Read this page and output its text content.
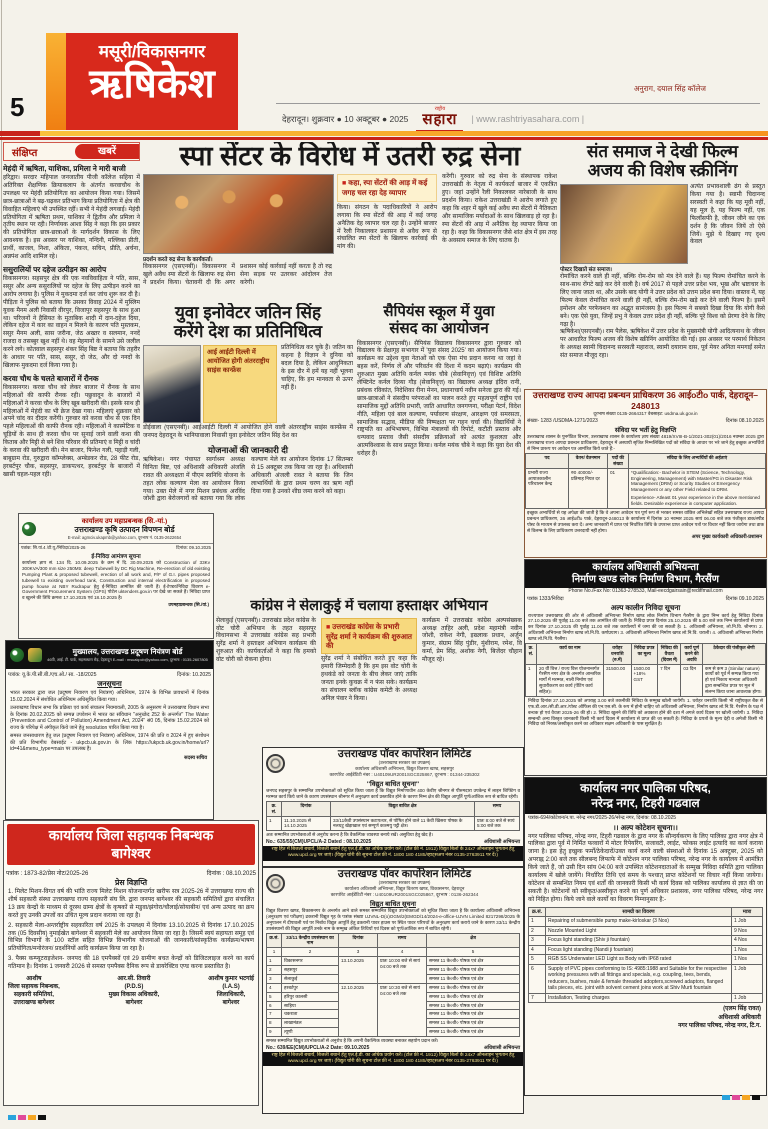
मसूरी/विकासनगर
ऋषिकेश
5
अनुराग, दयाल सिंह कॉलेज
देहरादून। शुक्रवार ● 10 अक्टूबर ● 2025
राष्ट्रीय
सहारा	| www.rashtriyasahara.com |
संक्षिप्त	खबरें
मेहंदी में ऋषिता, याशिका, प्रमिला ने मारी बाजी
हरिद्वार। सरदार महिपाल जनजातीय पीजी कॉलेज सहिया में अतिरिक्त शैक्षणिक क्रियाकलाप के अंतर्गत करवाचौथ के उपलक्ष्य पर मेहंदी प्रतियोगिता का आयोजन किया गया। जिसमें छात्र-छात्राओं ने बढ़-चढ़कर प्रतिभाग किया प्रतियोगिता में क्षेत्र की विवाहित महिलाएं भी उपस्थित रहीं। सभी ने मेहंदी लगवाई। मेहंदी प्रतियोगिता में ऋषिता प्रथम, याशिका ने द्वितीय और प्रमिला ने तृतीय स्थान पर रही। निर्णायक आशा सिंह ने कहा कि इस प्रकार की प्रतियोगिता छात्र-छात्राओं के मार्गदर्शन विकास के लिए आवश्यक है। इस अवसर पर याशिका, नन्दिनी, मल्लिका प्रीती, प्रार्थी, काजल, निशा, अंकिता, पंकज, सचिन, प्रीति, अर्चना, अन्नपंश आदि शामिल रहे।
ससुरालियों पर दहेज उत्पीड़न का आरोप
विकासनगर। सहसपुर क्षेत्र की एक नवविवाहिता ने पति, सास, ससुर और अन्य ससुरालियों पर दहेज के लिए उत्पीड़न करने का आरोप लगाया है। पुलिस ने मुकदमा दर्ज कर जांच शुरू कर दी है। पीड़िता ने पुलिस को बताया कि उसका विवाह 2024 में मुस्लिम युवक मैनम अली निवासी वीरपुर, विजापुर सहसपुर के साथ हुआ था। परिजनों ने हैसियत के मुताबिक शादी में दान-दहेज दिया, लेकिन दहेज में कार का वाहन न मिलने के कारण पति मुस्तकम, ससुर मैनम अली, सास जरीना, जेठ अख्तर व सलमान, ननदें राजदा व तसब्बुर खुश नहीं थे। वह मेहमानों के सामने उसे जलील करने लगे। कोतवाल सहसपुर शंकर सिंह बिष्ट ने बताया कि तहरीर के आधार पर पति, सास, ससुर, दो जेठ, और दो ननदों के खिलाफ मुकदमा दर्ज किया गया है।
करवा चौथ के चलते बाजारों में रौनक
विकासनगर। करवा चौथ को लेकर बाजार में रौनक के साथ महिलाओं की काफी रौनक रही। पछुवादून के बाजारों में महिलाओं ने करवा चौथ के लिए खूब खरीदारी की। इसके साथ ही महिलाओं में मेहंदी का भी क्रेज देखा गया। महिलाएं शुक्रवार को अपने चांद का दीदार करेंगी। गुरुवार को करवा चौथ से एक दिन पहले महिलाओं की काफी रौनक रही। महिलाओं ने कास्मेटिक व चूड़ियों के साथ ही करवा चौथ पर सुनाई जाने वाली कथा की किताब और मिट्टी से बने शिव परिवार की प्रतिमाएं व मिट्टी व चांदी के करवा की खरीदारी की। मेन बाजार, फिनेश गली, पहाड़ी गली, बाबूग्राम रोड, गुरुद्वारा कॉम्प्लेक्स, अम्बेडकर रोड, 28 फीट रोड, हरबर्टपुर चौक, सहसपुर, डाकपत्थर, हरबर्टपुर के बाजारों में खासी चहल-पहल रही।
स्पा सेंटर के विरोध में उतरी रुद्र सेना
प्रदर्शन करते रुद्र सेना के कार्यकर्ता।
विकासनगर (एसएनबी)। विकासनगर में खुले अवैध स्पा सेंटरों के खिलाफ रुद्र सेना ने प्रदर्शन किया। चेतावनी दी कि अगर प्रशासन कोई कार्रवाई नहीं करता है तो रुद्र सेना सड़क पर उतरकर आंदोलन तेज करेगी।
■ कहा, स्पा सेंटरों की आड़ में कई जगह चल रहा देह व्यापार
किया। संगठन के पदाधिकारियों ने आरोप लगाया कि स्पा सेंटरों की आड़ में कई जगह अनैतिक देह व्यापार चल रहा है। उन्होंने बाजार में रैली निकालकर प्रशासन से अवैध रूप से संचालित स्पा सेंटरों के खिलाफ कार्रवाई की मांग की।
करेंगी। गुरुवार को रुद्र सेना के संस्थापक राकेश उत्तराखंडी के नेतृत्व में कार्यकर्ता बाजार में एकत्रित हुए। जहां उन्होंने रैली निकालकर नारेबाजी के साथ प्रदर्शन किया। राकेश उत्तराखंडी ने आरोप लगाते हुए कहा कि शहर में खुले कई अवैध स्पा सेंटरों में नैतिकता और सामाजिक मर्यादाओं के साथ खिलवाड़ हो रहा है। स्पा सेंटरों की आड़ में अनैतिक देह व्यापार किया जा रहा है। कहा कि विकासनगर जैसे शांत क्षेत्र में इस तरह के अवसाय समाज के लिए घातक है।
संत समाज ने देखी फिल्म
अजय की विशेष स्क्रीनिंग
पोस्टर दिखाते संत समाज।
अत्यंत प्रभावशाली ढंग से प्रस्तुत किया गया है। स्वामी चिदानन्द सरस्वती ने कहा कि यह मूवी नहीं, यह मूल है, यह फिल्म नहीं, एक फिलॉसफी है, जीवन जीने का एक दर्शन है कि जीवन जियें तो ऐसे जियें। मुझे ये दिखाए गए दृश्य केवल
रोमांचित करने वाले ही नहीं, बल्कि रोम-रोम को मंत्र देने वाले हैं। यह फिल्म रोमांचित करने के साथ-साथ रोंगटे खड़े कर देने वाली है। वर्ष 2017 से पहले उत्तर प्रदेश भय, भूख और भ्रष्टाचार के लिए जाना जाता था, और उसके बाद योगी ने उत्तर प्रदेश को उत्तम प्रदेश बना दिया। वास्तव में, यह फिल्म केवल रोमांचित करने वाली ही नहीं, बल्कि रोम-रोम खड़े कर देने वाली फिल्म है। इसमें इमोशन और परफेक्शन का अद्भुत सामंजस्य है। इस फिल्म ने सबको दिखा दिया कि योगी कैसे बने। एक ऐसे युवा, जिन्हें प्रभु ने केवल उत्तर प्रदेश ही नहीं, बल्कि पूरे विश्व को प्रेरणा देने के लिए गढ़ा है।
ऋषिकेश(एसएनबी)। राम पैलेस, ऋषिकेश में उत्तर प्रदेश के मुख्यमंत्री योगी आदित्यनाथ के जीवन पर आधारित फिल्म अजय की विशेष स्क्रीनिंग आयोजित की गई। इस अवसर पर परमार्थ निकेतन के अध्यक्ष स्वामी चिदानन्द सरस्वती महाराज, स्वामी दयाराम दास, पूर्व मेयर अनिता ममगाईं समेत संत समाज मौजूद रहा।
युवा इनोवेटर जतिन सिंह
करेंगे देश का प्रतिनिधित्व
आई आईटी दिल्ली में आयोजित होगी अंतरराष्ट्रीय साइंस कान्फ्रेंस
प्रतिनिधित्व कर चुके हैं। जतिन का कहना है विज्ञान ने दुनिया को बदल दिया है, लेकिन आधुनिकता के इस दौर में हमें यह नहीं भूलना चाहिए, कि हम मानवता से ऊपर नहीं हैं।
डोईवाला (एसएनबी)। आईआईटी दिल्ली में आयोजित होने वाली अंतरराष्ट्रीय साइंस कान्फ्रेंस में जनपद देहरादून के भानियावाला निवासी युवा इनोवेटर जतिन सिंह देश का
योजनाओं की जानकारी दी
ऋषिकेश। नगर पंचायत स्वर्गाश्रम अध्यक्ष विनिता बिष्ट, एवं अधिशासी अधिकारी अंजलि रावत की अध्यक्षता में पीएम स्वनिधि योजना के तहत लोक कल्याण मेला का आयोजन किया गया। उक्त मेले में नगर मिशन प्रबंधक अरविंद जोशी द्वारा बेरोजगारों को बताया गया कि लोक कल्याण मेले का आयोजन दिनांक 17 सितम्बर से 15 अक्टूबर तक किया जा रहा है। अधिशासी अधिकारी अंजली रावत ने बताया कि जिन लाभार्थियों के द्वारा प्रथम चरण का ऋण नहीं दिया गया है उनको शीघ्र जमा करने को कहा।
सैपियंस स्कूल में युवा
संसद का आयोजन
विकासनगर (एसएनबी)। सैपियंस विद्यालय विकासनगर द्वारा गुरुवार को विद्यालय के प्रेक्षागृह सभागार में 'युवा संसद 2025' का आयोजन किया गया। कार्यक्रम का उद्देश्य युवा नेताओं को एक ऐसा मंच प्रदान करना था जहां वे बहस करें, निर्णय लें और परिवर्तन की दिशा में कदम बढ़ाएं। कार्यक्रम की शुरुआत मुख्य अतिथि कर्नल मयंक चौबे (सेवानिवृत्त) एवं विशिष्ट अतिथि लेफ्टिनेंट कर्नल दिव्या गौड़ (सेवानिवृत्त) का विद्यालय अध्यक्ष इंदिरा रानी, प्रबंधक रविकांत, निदेशिका रीना मेनन, प्रधानाचार्य नवीन सनेजा द्वारा की गई। छात्र-छात्राओं ने संसदीय परंपराओं का पालन करते हुए महत्वपूर्ण राष्ट्रीय एवं सामाजिक मुद्दों अतिथि प्रभारी, जाति आधारित जनगणना, परीक्षा पेटर्न, विदेश नीति, महिला एवं बाल कल्याण, पर्यावरण संरक्षण, आरक्षण एवं समरसता, सामाजिक सद्भाव, मीडिया की निष्पक्षता पर गहन चर्चा की। विद्यार्थियों ने राष्ट्रपति का अभिभाषण, विभिन्न मंत्रालयों की रिपोर्ट, कटौती प्रस्ताव और धन्यवाद प्रस्ताव जैसी संसदीय प्रक्रियाओं को अत्यंत कुशलता और आत्मविश्वास के साथ प्रस्तुत किया। कर्नल मयंक चौबे ने कहा कि युवा देश की धरोहर हैं।
कांग्रेस ने सेलाकुई में चलाया हस्ताक्षर अभियान
सेलाकुई (एसएनबी)। उत्तराखंड प्रदेश कांग्रेस के वोट चोरी अभियान के तहत सहसपुर विधानसभा में उत्तराखंड कांग्रेस सह प्रभारी सुरेंद्र शर्मा ने हस्ताक्षर अभियान कार्यक्रम की शुरुआत की। कार्यकर्ताओं ने कहा कि हमको वोट चोरी को रोकना होगा।
■ उत्तराखंड कांग्रेस के प्रभारी सुरेंद्र शर्मा ने कार्यक्रम की शुरुआत की
सुरेंद्र शर्मा ने संबोधित करते हुए कहा कि हमारी जिम्मेदारी है कि हम इस वोट चोरी के हथकंडे को जनता के बीच लेकर जाएं ताकि जनता इनके कुचक्र में न फंस सके। कार्यक्रम का संचालन ब्लॉक कांग्रेस कमेटी के अध्यक्ष अनिल पंवार ने किया।
कार्यक्रम में उत्तराखंड कांग्रेस अल्पसंख्यक अध्यक्ष ताहिर अली, प्रदेश महामंत्री नवीन जोशी, राकेश नेगी, इख्लाक प्रधान, अर्जुन कुमार, संग्राम सिंह पुंडीर, मुंशीराम, रमेश, वि कर्मा, प्रेम सिंह, अशोक नेगी, बिजेंदर चौहान मौजूद रहे।
उत्तराखण्ड राज्य आपदा प्रबन्धन प्राधिकरण 36 आईoटीo पार्क, देहरादून–248013
दूरभाष संख्या 0135-2664317 वेबसाइट: usdma.uk.gov.in
संख्या- 1283 /USDMA-1271/2023	दिनांक 08.10.2025
संविदा पर भर्ती हेतु विज्ञप्ति
उत्तराखण्ड शासन के पुनर्गठित विभाग, उत्तराखण्ड शासन के कार्यालय ज्ञाप संख्या 4819/XVIII-B-1/2021-302(01)/2016 नवम्बर 2025 द्वारा उत्तराखण्ड राज्य आपदा प्रबन्धन प्राधिकरण, देहरादून में अस्थायी सृजित निम्नलिखित पदों को संविदा के आधार पर भरे जाने हेतु इच्छुक अभ्यर्थियों से निम्न प्रारूप पर आवेदन पत्र आमंत्रित किये जाते हैं:-
पद	वेतन/ वेतनमान	पदों की संख्या	संविदा के लिए अभ्यर्थियों की अर्हताएं
प्रभारी राज्य आपातकालीन परिचालन केन्द्र	रु0 40000/- प्रतिमाह नियत दर	01	*Qualification:- Bachelor in STEM (Science, Technology, Engineering, Management) with Master/PG in Disaster Risk Management (DRM) or Scurity Studies or Emergency Management or any other Field related to DRM.
Experience- Atleast 01 year experience in the above mentioned fields. Desirable experience in computer application.
इच्छुक अभ्यर्थियों से यह अपेक्षा की जाती है कि वे अपना आवेदन पत्र पूर्ण रूप से भरकर समस्त वांछित अभिलेखों सहित उत्तराखण्ड राज्य आपदा प्रबन्धन प्राधिकरण, 36 आईoटीo पार्क, देहरादून-248013 के कार्यालय में दिनांक 10 नवम्बर 2025 सायं 06.00 बजे तक पंजीकृत डाक/स्पीड पोस्ट के माध्यम से उपलब्ध करा दें। अन्य जानकारी में प्राप्त एवं निर्धारित तिथि के उपरान्त प्राप्त आवेदन पत्रों पर विचार नहीं किया जायेगा तथा डाक से विलम्ब के लिए प्राधिकरण उत्तरदायी नहीं होगा।
अपर मुख्य कार्यकारी अधिकारी-प्रशासन
कार्यालय अधिशासी अभियन्ता
निर्माण खण्ड लोक निर्माण विभाग, गैरसैंण
Phone No./Fax No: 01363-278533, Mail-eecdgairsain@rediffmail.com
पत्रांक 1333/निविदा	दिनांक 09.10.2025
अल्प कालीन निविदा सूचना
राज्यपाल उत्तराखण्ड की ओर से अधिशासी अभियन्ता निर्माण खण्ड लोक निर्माण विभाग गैरसैंण के द्वारा निम्न कार्य हेतु निविदा दिनांक 27.10.2025 की पूर्वाह्न 11.00 बजे तक आमंत्रित की जाती है। निविदा प्रपत्र दिनांक 25.10.2025 की 5.00 बजे तक निम्न कार्यालयों से प्राप्त कर दिनांक 27.10.2025 की पूर्वाह्न 11.00 बजे तक कार्यालयों में जमा की जा सकती है। 1. अधिशासी अभियन्ता, लो.नि.वि. श्रीनगर। 2. अधिशासी अभियन्ता निर्माण खण्ड लो.नि.वि. कर्णप्रयाग। 3. अधिशासी अभियन्ता निर्माण खण्ड लो.नि.वि. थराली। 4. अधिशासी अभियन्ता निर्माण खण्ड लो.नि.वि. गैरसैंण।
क्र. सं.	कार्य का नाम	धरोहर धनराशि (रु.में)	निविदा प्रपत्र का मूल्य	निविदा की वैधता (दिवस में)	कार्य पूर्ण करने की अवधि	ठेकेदार की पंजीकृत श्रेणी
1	20 वीं वित्त / राज्य वित्त योजनान्तर्गत गैरसैंण नगर क्षेत्र के अन्तर्गत आन्तरिक मार्गों में मरम्मत, नाली निर्माण एवं सुधारीकरण का कार्य (पेंटिंग कार्य सहित)।	31500.00	1500.00 +18% GST	7 दिन	03 दिन	कम से कम 3 (Similar nature) कार्यों को पूर्व में सम्पन्न किया गया हो एवं निकाय मान्यता अधिकारी द्वारा सम्बन्धित प्रपत्र पर मूल में संलग्न किया जाना आवश्यक होगा।
निविदा दिनांक 27.10.2025 को अपराह्न 3.00 बजे तकनीकी निविदा के सम्मुख खोली जायेगी। 1. धरोहर धनराशि किसी भी राष्ट्रीयकृत बैंक से एफ.डी.आर./सी.डी.आर./पोस्ट ऑफिस की एन.एस.सी. के रूप में होनी चाहिए जो अधिशासी अभियन्ता, निर्माण खण्ड लो.नि.वि. गैरसैंण के पक्ष में बन्धक हो एवं वैधता 2025-26 की हो। 2. निविदा खुलने की तिथि को अवकाश होने की दशा में अगले कार्य दिवस पर खोली जायेगी। 3. निविदा सम्बन्धी अन्य विस्तृत जानकारी किसी भी कार्य दिवस में कार्यालय से प्राप्त की जा सकती है। निविदा के प्रपत्रों के मूल्य देही व अमेजी किसी भी निविदा को निरस्त/अस्वीकृत करने का अधिकार सक्षम अधिकारी के पास सुरक्षित है।
कार्यालय नगर पालिका परिषद,
नरेन्द्र नगर, टिहरी गढवाल
पत्रांक-694/कोटेशन/न.पा. नरेन्द्र नगर/2025-26/नरेन्द्र नगर, दिनांक: 08.10.2025
।। अल्प कोटेशन सूचना।।
नगर पालिका परिषद, नरेन्द्र नगर, टिहरी गढवाल के द्वारा नगर के सौन्दर्यकरण के लिए पालिका द्वारा नगर क्षेत्र में पालिका द्वारा पूर्व में निर्मित फव्वारों में मोटर रिपेयरिंग, सजावटी, लाईट, फोकस लाईट इत्यादि का कार्य कराया जाना है। इस हेतु इच्छुक फर्मों/ठेकेदारों/उक्त कार्य करने वाली संस्थाओं से दिनांक 15 अक्टूबर, 2025 को अपराह्न 2:00 बजे तक सीलबन्द लिफाफे में कोटेशन नगर पालिका परिषद, नरेन्द्र नगर के कार्यालय में आमंत्रित किये जाते हैं, जो उसी दिन सांय 04:00 बजे उपस्थित कोटेशनदाताओं के सम्मुख निविदा समिति द्वारा पालिका कार्यालय में खोले जायेंगे। निर्धारित तिथि एवं समय के पश्चात् प्राप्त कोटेशनों पर विचार नहीं किया जायेगा। कोटेशन से सम्बन्धित नियम एवं शर्तों की जानकारी किसी भी कार्य दिवस को पालिका कार्यालय से ज्ञात की जा सकती है। कोटेशनों को स्वीकृत/अस्वीकृत करने का पूर्ण अधिकार प्रशासक, नगर पालिका परिषद, नरेन्द्र नगर को निहित होगा। किये जाने वाले कार्यों का विवरण निम्नानुसार है:-
क्र.सं.	सामग्री का विवरण	मात्रा
1	Repairing of submersible pump make-kirloskar (3 Nos)	1 Job
2	Nozzle Mounted Light	9 Nos
3	Focus light standing (Shiv ji fountain)	4 Nos
4	Focus light standing (Nandi ji fountain)	1 Nos
5	RGB SS Underwater LED Light ss Body with IP68 rated	1 Nos
6	Supply of PVC pipes conforming to IS: 4985:1988 and Suitable for the respective working pressures with all fittings and specials, e.g. coupling, tees, bends, reducers, bushes, male & female threaded adopters,screwed adaptors, flanged tails pieces, etc. joint with solvent cement joins work at Shiv Murti fountain	1 Job
7	Installation, Testing charges	1 Job
(एलम सिंह रावत)
अधिशासी अधिकारी
नगर पालिका परिषद, नरेन्द्र नगर, टि.ग.
कार्यालय उप महाप्रबन्धक (सि.-यां.)
उत्तराखण्ड कृषि उत्पादन विपणन बोर्ड
E-mail: agmciv.ukapmb@yahoo.com, दूरभाष नं. 0135-2622654
पत्रांक: सि.यां.4 /टी.यू./निविदा/2025-26	दिनांक: 09.10.2025
ई-निविदा आमंत्रण सूचना
कार्यालय ज्ञाप सं. 134 दि. 10.09.2025 के क्रम में दि. 30.09.2025 को Construction of 33Kv 300KVA/300 mm size 250Mtr. deep Tubewell by DC Rig Machine, Re-erection of old existing Pumping Plant & proposed tubewell, erection of all work and, P/F of G.I. pipes proposed tubewell to existing overhead tank, Construction and internal electrification in proposed pump house at NBY Rudrapur हेतु ई-निविदा आमंत्रित की जाती हैं। ई-टेण्डर/निविदा विवरण e-Government Procurement System (GPS) पोर्टल uktenders.gov.in पर देखे जा सकते हैं। निविदा प्राप्त व खुलने की तिथि क्रमशः 17.10.2025 एवं 18.10.2025 है।
उपमहाप्रबन्धक (सि./यां.)
मुख्यालय, उत्तराखण्ड प्रदूषण नियंत्रण बोर्ड
46वी, आई. टी. पार्क, सहस्त्रधारा रोड़, देहरादून E-mail : msuakpcb@yahoo.com, दूरभाष : 0135-2607805
पत्रांक: यू.के.पी.सी.बी./एच.ओ./ सा. -18/2025	दिनांक: 10.2025
जनसूचना
भारत सरकार द्वारा जल (प्रदूषण निवारण एवं नियंत्रण) अधिनियम, 1974 के विभिन्न प्रावधानों में दिनांक 15.02.2024 में संशोधित अधिनियम अधिसूचित किया गया।
उत्तराखण्ड विधान सभा कि प्रक्रिया एवं कार्य संचालन नियमावली, 2005 के अनुसरण में उत्तराखण्ड विधान सभा के दिनांक 20.02.2025 को सम्पन्न उपवेशन में भारत का संविधान ''अनुच्छेद 252 के अन्तर्गत'' The Water (Prevention and Control of Pollution) Amendment Act, 2024'' सं0 05, दिनांक 15.02.2024 को राज्य के परिपेक्ष में अंगीकृत किये जाने हेतु resolution पारित किया गया है।
समस्त जनसाधारण हेतु जल (प्रदूषण निवारण एवं नियंत्रण) अधिनियम, 1974 की प्रति व 2024 में हुए संशोधन की प्रति विभागीय वेबसाईट - ukpcb.uk.gov.in के लिंक https://ukpcb.uk.gov.in/home/url?id=41&menu_type=main पर उपलब्ध है।
सदस्य सचिव
कार्यालय जिला सहायक निबन्धक
बागेश्वर
पत्रांक : 1873-82/प्रेस नोट/2025-26	दिनांक : 08.10.2025
प्रेस विज्ञप्ति
1. मिलेट मिशन-विगत वर्ष की भांति राज्य मिलेट मिशन योजनान्तर्गत खरीफ सत्र 2025-26 में उत्तराखण्ड राज्य की शीर्ष सहकारी संस्था उत्तराखण्ड राज्य सहकारी संघ लि. द्वारा जनपद बागेश्वर की सहकारी समितियों द्वारा संचालित 13 क्रय केन्द्रों के माध्यम से दूरस्थ ग्राम्य क्षेत्रों के कृषकों से मडुवा/झंगोरा/चौलाई/सोयाबीन/ एवं अन्य उत्पाद का क्रय करते हुए उनकी उपजों का उचित मूल्य प्रदान कराया जा रहा है।
2. सहकारी मेला-अन्तर्राष्ट्रीय सहकारिता वर्ष 2025 के उपलक्ष्य में दिनांक 13.10.2025 से दिनांक 17.10.2025 तक (05 दिवसीय) नुमाईखेत बागेश्वर में सहकारी मेले का आयोजन किया जा रहा है। जिसमें स्वयं सहायता समूह एवं विभिन्न विभागों के 100 स्टॉल सहित विभिन्न विभागीय योजनाओं की जानकारी/सांस्कृतिक कार्यक्रम/भाषण प्रतियोगिता/मनोरंजन/ प्रदर्शनियों आदि कार्यक्रम किया जा रहा है।
3. पैक्स कम्प्यूटराइजेशन- जनपद की 18 एमपैक्सों एवं 29 ग्रामीण बचत केन्द्रों को डिजिटलाइज करने का कार्य गतिमान है। दिनांक 1 जनवरी 2026 से समस्त एमपैक्स दैनिक रूप से डायरेक्टिव एण्ड करना प्रस्तावित है।
आशीष
जिला सहायक निबन्धक,
सहकारी समितियां,
उत्तराखण्ड बागेश्वर
आर.सी. तिवारी
(P.D.S)
मुख्य विकास अधिकारी,
बागेश्वर
आशीष कुमार भटगांई
(I.A.S)
जिलाधिकारी,
बागेश्वर
उत्तराखण्ड पॉवर कार्पोरेशन लिमिटेड
(उत्तराखण्ड सरकार का उपक्रम)
कार्यालय अधिशासी अभियन्ता, विद्युत वितरण खण्ड, सहसपुर
कारपोरेट आईडेंटिटी नंबर : U40109UR2001SGC025867, दूरभाष : 01344-235302
''विद्युत बाधित सूचना''
जनपद सहसपुर के सम्मानित उपभोक्ताओं को सूचित किया जाता है कि विद्युत निर्माणाधीन 400 केवीए श्रीनगर से पीरुमदारा उपकेन्द्र में लाइन शिफ्टिंग व मरम्मत कार्य किये जाने के कारण उपसंस्थान श्रीनगर में अनुरक्षण कार्य प्रस्तावित होने के कारण निम्न क्षेत्र की विद्युत आपूर्ति पूर्ण/आंशिक रूप से बाधित रहेगी।
क्र. सं.	दिनांक	विद्युत बाधित क्षेत्र	समय
1	11.10.2025 से 14.10.2025	33/11केवी उपसंस्थान कटापत्थर, से पोषित होने वाले 11 केवी खिसरा पोषक के नलधटु खेड़ाखाल एवं सम्पूर्ण काश्मयु पट्टी क्षेत्र।	प्रातः 8:00 बजे से सायं 5:00 बजे तक
अतः सम्मानित उपभोक्ताओं से अनुरोध करना है कि वैकल्पिक व्यवस्था बनाये रखें। असुविधा हेतु खेद है।
No.: 635/55(CM)UPCL/A-2 Dated : 08.10.2025	अधिशासी अभियन्ता
राष्ट्र हित में बिजली बचायें, बिजली बचाने हेतु एल.ई.डी. का अधिक प्रयोग करें। (टोल फ्री नं. 1912) विद्युत बिलों के 24x7 ऑनलाइन भुगतान हेतु www.upcl.org पर जाएं। (विद्युत चोरी की सूचना टोल फ्री नं. 1800 180 4185/व्हाट्सअप नंबर 0135-2763911 पर दें।)
उत्तराखण्ड पॉवर कार्पोरेशन लिमिटेड
(उत्तराखण्ड सरकार का उपक्रम)
कार्यालय अधिशासी अभियन्ता, विद्युत वितरण खण्ड, विकासनगर, देहरादून
कारपोरेट आईडेंटिटी नंबर : U40109UR2001SGC025867, दूरभाष : 0136-262344
विद्युत बाधित सूचना
विद्युत वितरण खण्ड, विकासनगर के अन्तर्गत आने वाले समस्त सम्मानित विद्युत उपभोक्ताओं को सूचित किया जाता है कि कार्यालय अधिशासी अभियन्ता (अनुरक्षण एवं परीक्षण) ढकरानी विद्युत गृह के पत्रांक संख्या UJVNL-D(o)OGM/2(EMGD/14/2024-e-office-UJVN Limited 8217298/2025 के अनुपालन में दीपावली पर्व पर निर्बाध विद्युत आपूर्ति हेतु ढकरानी पावर हाउस पर स्थित पावर परिपथों के अनुरक्षण कार्य कराये जाने के कारण 33/11 केन्द्रीय उपसंस्थानों की विद्युत आपूर्ति उनके नाम के सम्मुख अंकित तिथियों एवं दिवस को पूर्ण/आंशिक रूप में बाधित रहेगी।
क्र.सं.	33/11 केन्द्रीय उपसंस्थान का नाम	दिनांक	समय	क्षेत्र
1	2	3	4	5
1	विकासनगर	13.10.2025	प्रातः 10:00 बजे से सायं 04:00 बजे तक	समस्त 11 के०वी० पोषक एवं क्षेत्र
2	सहसपुर			समस्त 11 के०वी० पोषक एवं क्षेत्र
3	सेलाकुई			समस्त 11 के०वी० पोषक एवं क्षेत्र
4	हरबर्टपुर	12.10.2025	प्रातः 10:30 बजे से सायं 04:00 बजे तक	समस्त 11 के०वी० पोषक एवं क्षेत्र
5	हरिपुर कालसी			समस्त 11 के०वी० पोषक एवं क्षेत्र
6	साहिया			समस्त 11 के०वी० पोषक एवं क्षेत्र
7	चकराता			समस्त 11 के०वी० पोषक एवं क्षेत्र
8	लाखामंडल			समस्त 11 के०वी० पोषक एवं क्षेत्र
9	त्यूणी			समस्त 11 के०वी० पोषक एवं क्षेत्र
समस्त सम्मानित विद्युत उपभोक्ताओं से अनुरोध है कि अपनी वैकल्पिक व्यवस्था बनाकर सहयोग प्रदान करें।
No.: 639/EE(CM)/UPCL/A-2 Date: 09.10.2025	अधिशासी अभियन्ता
राष्ट्र हित में बिजली बचायें, बिजली बचाने हेतु एल.ई.डी. का अधिक प्रयोग करें। (टोल फ्री नं. 1912) विद्युत बिलों के 24x7 ऑनलाइन भुगतान हेतु www.upcl.org पर जाएं। (विद्युत चोरी की सूचना टोल फ्री नं. 1800 180 4185/व्हाट्सअप नंबर 0135-2763911 पर दें।)
